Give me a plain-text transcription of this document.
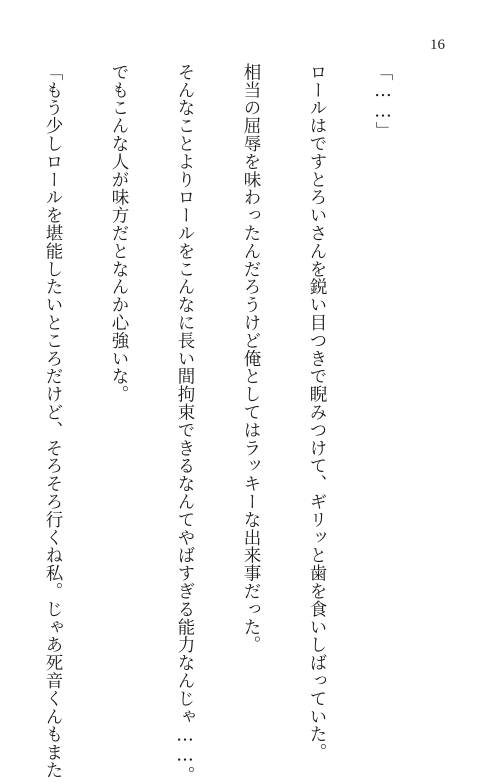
16

「……」

ロールはですとろいさんを鋭い目つきで睨みつけて、ギリッと歯を食いしばっていた。

相当の屈辱を味わったんだろうけど俺としてはラッキーな出来事だった。

そんなことよりロールをこんなに長い間拘束できるなんてやばすぎる能力なんじゃ……。

でもこんな人が味方だとなんか心強いな。

「もう少しロールを堪能したいところだけど、そろそろ行くね私。じゃあ死音くんもまた
